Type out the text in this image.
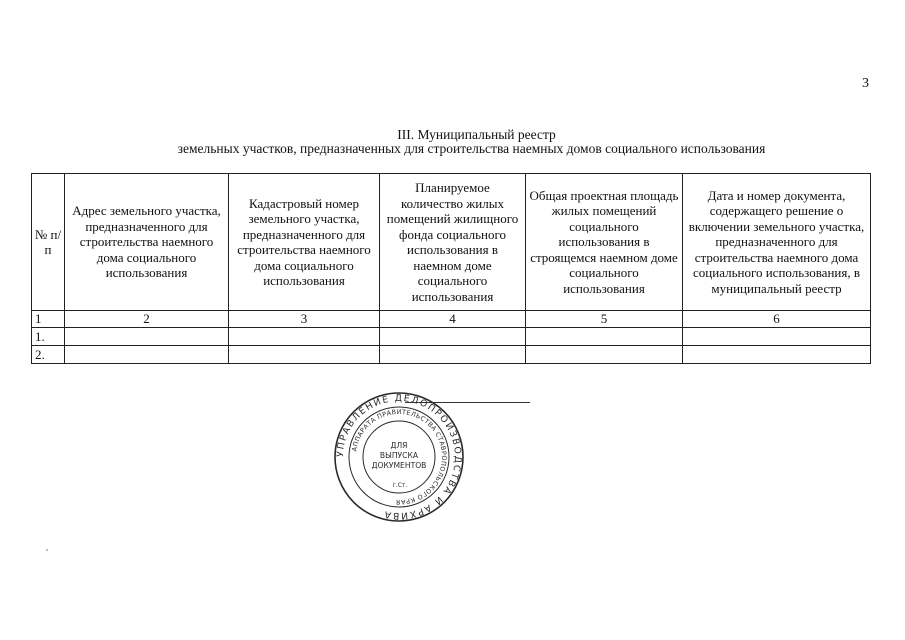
3
III. Муниципальный реестр
земельных участков, предназначенных для строительства наемных домов социального использования
№ п/п	Адрес земельного участка, предназначенного для строительства наемного дома социального использования	Кадастровый номер земельного участка, предназначенного для строительства наемного дома социального использования	Планируемое количество жилых помещений жилищного фонда социального использования в наемном доме социального использования	Общая проектная площадь жилых помещений социального использования в строящемся наемном доме социального использования	Дата и номер документа, содержащего решение о включении земельного участка, предназначенного для строительства наемного дома социального использования, в муниципальный реестр
1	2	3	4	5	6
1.					
2.					
УПРАВЛЕНИЕ ДЕЛОПРОИЗВОДСТВА И АРХИВА
АППАРАТА ПРАВИТЕЛЬСТВА СТАВРОПОЛЬСКОГО КРАЯ
ДЛЯ
ВЫПУСКА
ДОКУМЕНТОВ
г.Ст.
